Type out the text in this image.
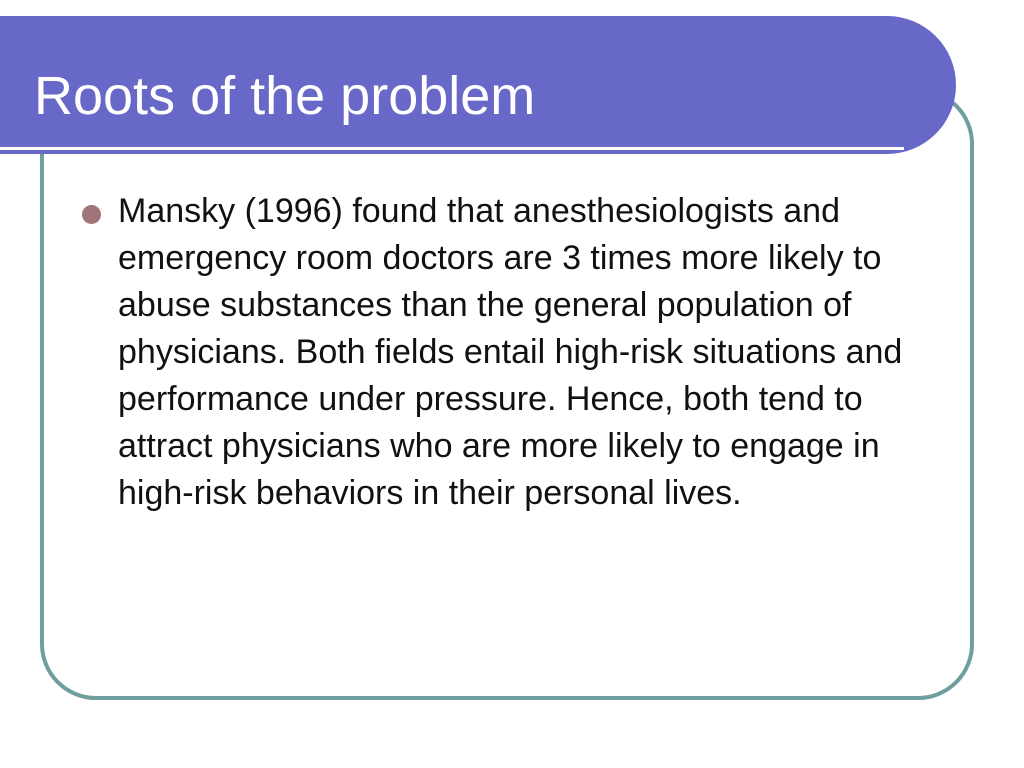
Roots of the problem
Mansky (1996) found that anesthesiologists and emergency room doctors are 3 times more likely to abuse substances than the general population of physicians. Both fields entail high-risk situations and performance under pressure. Hence, both tend to attract physicians who are more likely to engage in high-risk behaviors in their personal lives.
